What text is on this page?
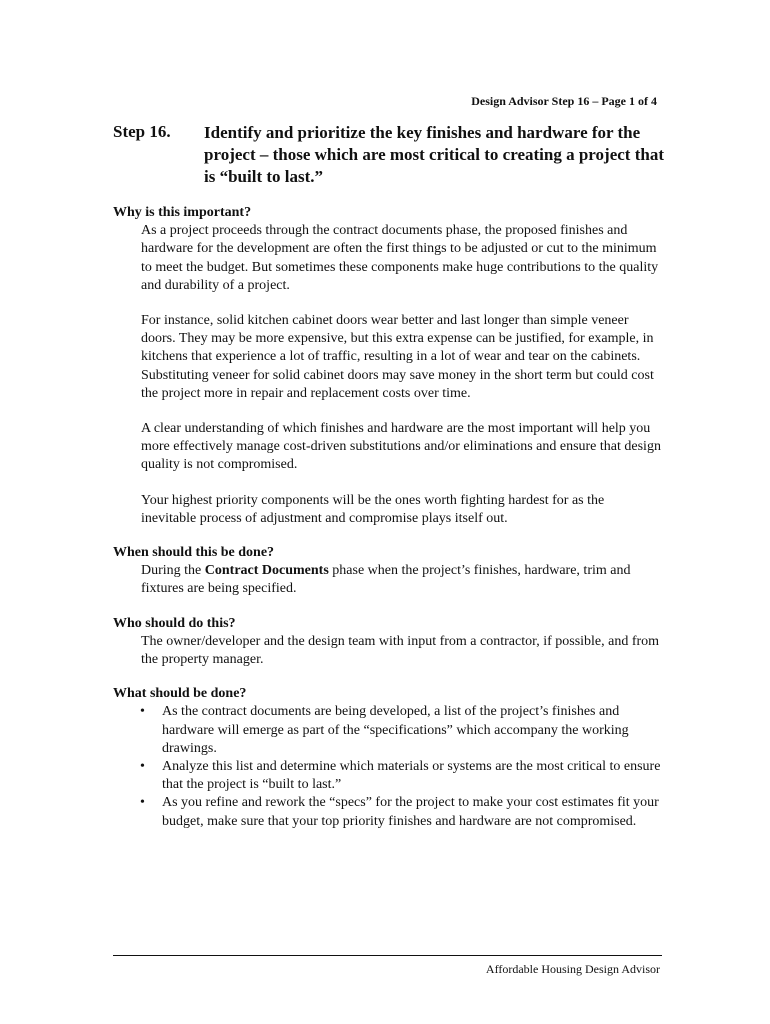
Design Advisor Step 16 – Page 1 of 4
Step 16. Identify and prioritize the key finishes and hardware for the project – those which are most critical to creating a project that is “built to last.”

Why is this important?

As a project proceeds through the contract documents phase, the proposed finishes and hardware for the development are often the first things to be adjusted or cut to the minimum to meet the budget. But sometimes these components make huge contributions to the quality and durability of a project.

For instance, solid kitchen cabinet doors wear better and last longer than simple veneer doors. They may be more expensive, but this extra expense can be justified, for example, in kitchens that experience a lot of traffic, resulting in a lot of wear and tear on the cabinets. Substituting veneer for solid cabinet doors may save money in the short term but could cost the project more in repair and replacement costs over time.

A clear understanding of which finishes and hardware are the most important will help you more effectively manage cost-driven substitutions and/or eliminations and ensure that design quality is not compromised.

Your highest priority components will be the ones worth fighting hardest for as the inevitable process of adjustment and compromise plays itself out.

When should this be done?

During the Contract Documents phase when the project’s finishes, hardware, trim and fixtures are being specified.

Who should do this?

The owner/developer and the design team with input from a contractor, if possible, and from the property manager.

What should be done?

• As the contract documents are being developed, a list of the project’s finishes and hardware will emerge as part of the “specifications” which accompany the working drawings.
• Analyze this list and determine which materials or systems are the most critical to ensure that the project is “built to last.”
• As you refine and rework the “specs” for the project to make your cost estimates fit your budget, make sure that your top priority finishes and hardware are not compromised.
Affordable Housing Design Advisor
